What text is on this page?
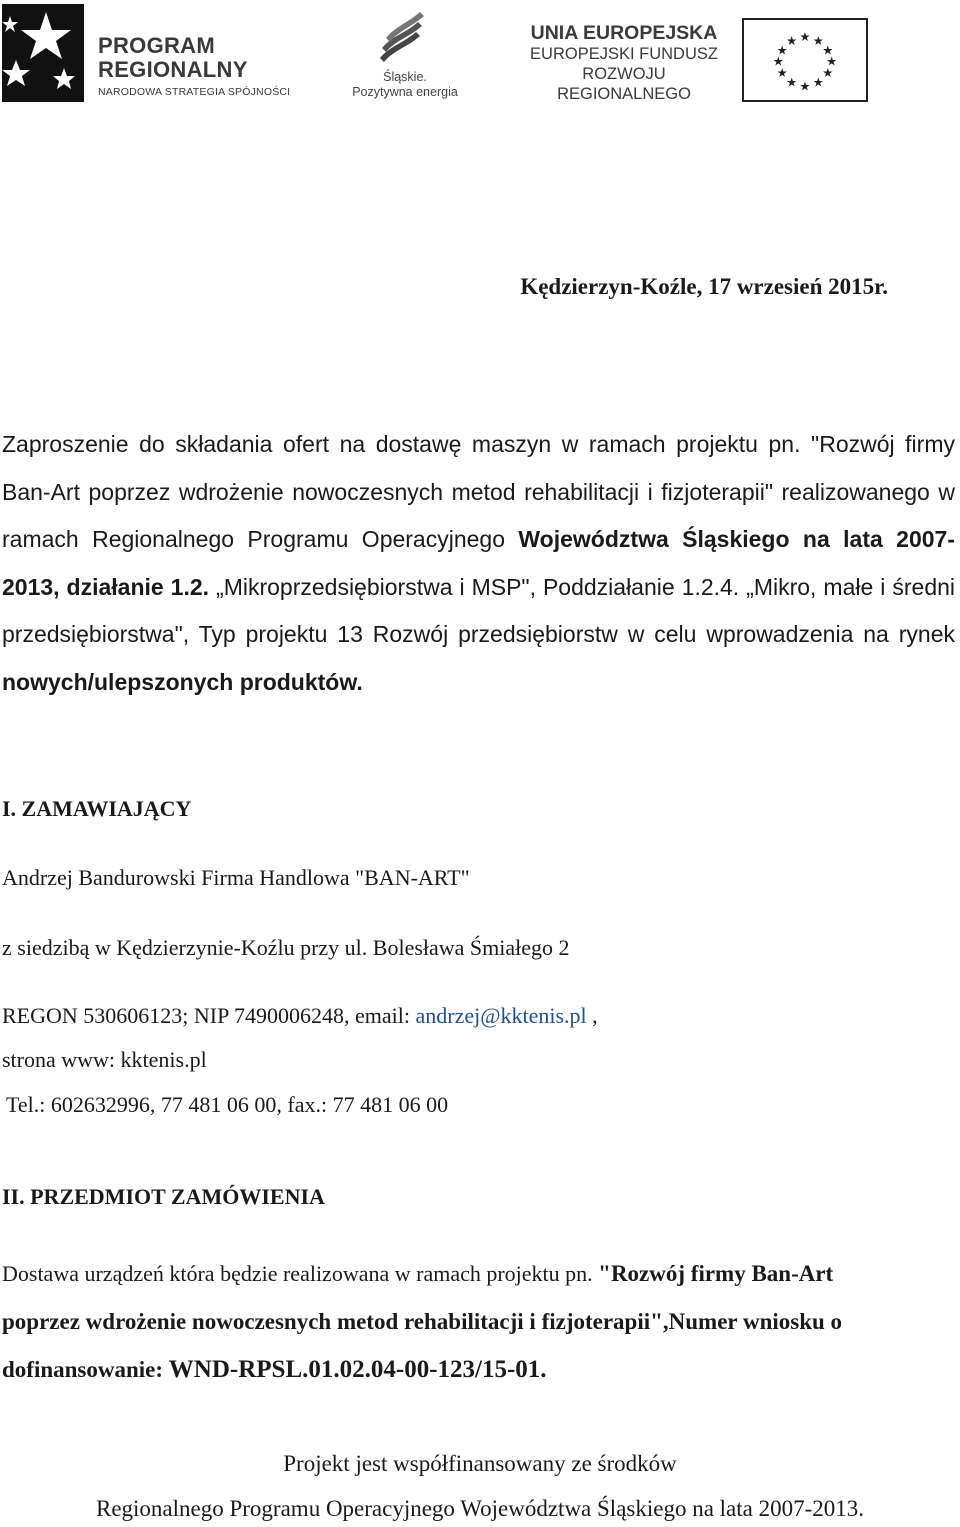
PROGRAM
REGIONALNY
NARODOWA STRATEGIA SPÓJNOŚCI
Śląskie.
Pozytywna energia
UNIA EUROPEJSKA
EUROPEJSKI FUNDUSZ
ROZWOJU REGIONALNEGO
★ ★
★
★
★
★
★
★
★
★
★
★
Kędzierzyn-Koźle, 17 wrzesień 2015r.

Zaproszenie do składania ofert na dostawę maszyn w ramach projektu pn. "Rozwój firmy Ban-Art poprzez wdrożenie nowoczesnych metod rehabilitacji i fizjoterapii" realizowanego w ramach Regionalnego Programu Operacyjnego Województwa Śląskiego na lata 2007-2013, działanie 1.2. „Mikroprzedsiębiorstwa i MSP", Poddziałanie 1.2.4. „Mikro, małe i średni przedsiębiorstwa", Typ projektu 13 Rozwój przedsiębiorstw w celu wprowadzenia na rynek nowych/ulepszonych produktów.

I. ZAMAWIAJĄCY
Andrzej Bandurowski Firma Handlowa "BAN-ART"
z siedzibą w Kędzierzynie-Koźlu przy ul. Bolesława Śmiałego 2
REGON 530606123; NIP 7490006248, email: andrzej@kktenis.pl ,
strona www: kktenis.pl
Tel.: 602632996, 77 481 06 00, fax.: 77 481 06 00
II. PRZEDMIOT ZAMÓWIENIA

Dostawa urządzeń która będzie realizowana w ramach projektu pn. "Rozwój firmy Ban-Art poprzez wdrożenie nowoczesnych metod rehabilitacji i fizjoterapii",Numer wniosku o dofinansowanie: WND-RPSL.01.02.04-00-123/15-01.

Projekt jest współfinansowany ze środków
Regionalnego Programu Operacyjnego Województwa Śląskiego na lata 2007-2013.
